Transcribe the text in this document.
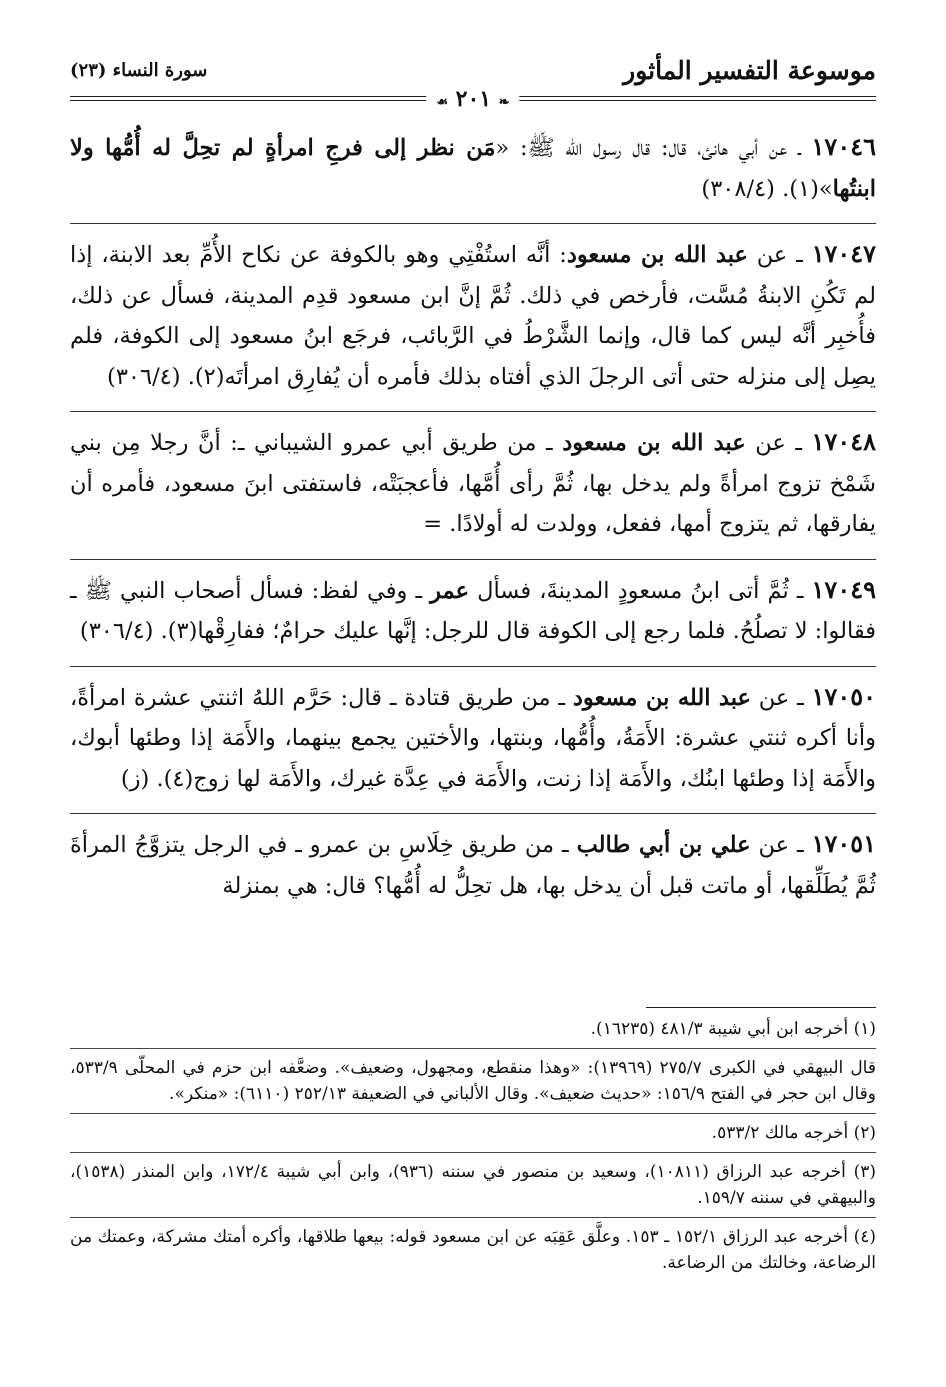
موسوعة التفسير المأثور
سورة النساء (٢٣)
❧ ٢٠١ ☙

١٧٠٤٦ ـ عن أبي هانئ، قال: قال رسول الله ﷺ: «مَن نظر إلى فرجِ امرأةٍ لم تحِلَّ له أُمُّها ولا ابنتُها»(١). (٤/‏٣٠٨)

١٧٠٤٧ ـ عن عبد الله بن مسعود: أنَّه استُفْتِي وهو بالكوفة عن نكاح الأُمِّ بعد الابنة، إذا لم تَكُنِ الابنةُ مُسَّت، فأرخص في ذلك. ثُمَّ إنَّ ابن مسعود قدِم المدينة، فسأل عن ذلك، فأُخبِر أنَّه ليس كما قال، وإنما الشَّرْطُ في الرَّبائب، فرجَع ابنُ مسعود إلى الكوفة، فلم يصِل إلى منزله حتى أتى الرجلَ الذي أفتاه بذلك فأمره أن يُفارِق امرأتَه(٢). (٤/‏٣٠٦)

١٧٠٤٨ ـ عن عبد الله بن مسعود ـ من طريق أبي عمرو الشيباني ـ: أنَّ رجلا مِن بني شَمْخ تزوج امرأةً ولم يدخل بها، ثُمَّ رأى أُمَّها، فأعجبَتْه، فاستفتى ابنَ مسعود، فأمره أن يفارقها، ثم يتزوج أمها، ففعل، وولدت له أولادًا. =

١٧٠٤٩ ـ ثُمَّ أتى ابنُ مسعودٍ المدينةَ، فسأل عمر ـ وفي لفظ: فسأل أصحاب النبي ﷺ ـ فقالوا: لا تصلُحُ. فلما رجع إلى الكوفة قال للرجل: إنَّها عليك حرامٌ؛ ففارِقْها(٣). (٤/‏٣٠٦)

١٧٠٥٠ ـ عن عبد الله بن مسعود ـ من طريق قتادة ـ قال: حَرَّم اللهُ اثنتي عشرة امرأةً، وأنا أكره ثنتي عشرة: الأَمَةُ، وأُمُّها، وبنتها، والأختين يجمع بينهما، والأَمَة إذا وطئها أبوك، والأَمَة إذا وطئها ابنُك، والأَمَة إذا زنت، والأَمَة في عِدَّة غيرك، والأَمَة لها زوج(٤). (ز)

١٧٠٥١ ـ عن علي بن أبي طالب ـ من طريق خِلَاسِ بن عمرو ـ في الرجل يتزوَّجُ المرأةَ ثُمَّ يُطَلِّقها، أو ماتت قبل أن يدخل بها، هل تحِلُّ له أُمُّها؟ قال: هي بمنزلة

(١) أخرجه ابن أبي شيبة ٣/‏٤٨١ (١٦٢٣٥).

قال البيهقي في الكبرى ٧/‏٢٧٥ (١٣٩٦٩): «وهذا منقطع، ومجهول، وضعيف». وضعَّفه ابن حزم في المحلّى ٩/‏٥٣٣، وقال ابن حجر في الفتح ٩/‏١٥٦: «حديث ضعيف». وقال الألباني في الضعيفة ١٣/‏٢٥٢ (٦١١٠): «منكر».

(٢) أخرجه مالك ٢/‏٥٣٣.

(٣) أخرجه عبد الرزاق (١٠٨١١)، وسعيد بن منصور في سننه (٩٣٦)، وابن أبي شيبة ٤/‏١٧٢، وابن المنذر (١٥٣٨)، والبيهقي في سننه ٧/‏١٥٩.

(٤) أخرجه عبد الرزاق ١/‏١٥٢ ـ ١٥٣. وعلَّق عَقِبَه عن ابن مسعود قوله: بيعها طلاقها، وأكره أمتك مشركة، وعمتك من الرضاعة، وخالتك من الرضاعة.
